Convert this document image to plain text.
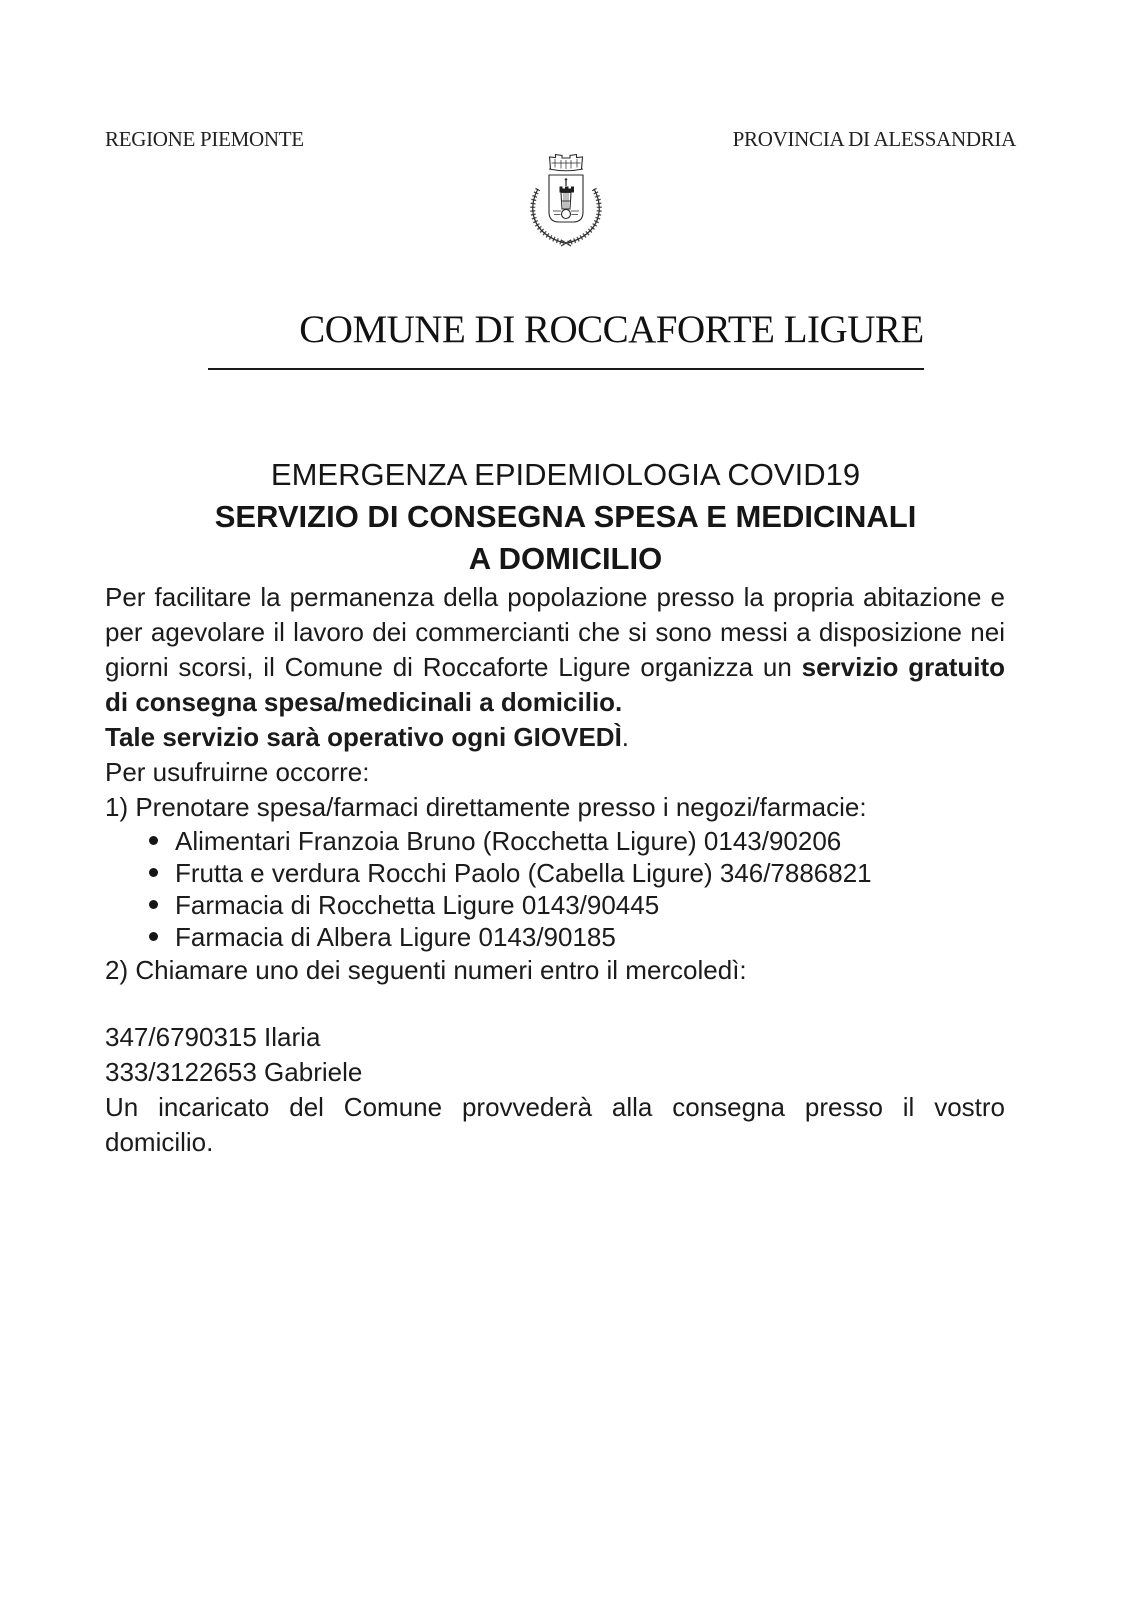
REGIONE PIEMONTE	PROVINCIA DI ALESSANDRIA
COMUNE DI ROCCAFORTE LIGURE
EMERGENZA EPIDEMIOLOGIA COVID19
SERVIZIO DI CONSEGNA SPESA E MEDICINALI
A DOMICILIO

Per facilitare la permanenza della popolazione presso la propria abitazione e per agevolare il lavoro dei commercianti che si sono messi a disposizione nei giorni scorsi, il Comune di Roccaforte Ligure organizza un servizio gratuito di consegna spesa/medicinali a domicilio.

Tale servizio sarà operativo ogni GIOVEDÌ.

Per usufruirne occorre:

1) Prenotare spesa/farmaci direttamente presso i negozi/farmacie:

Alimentari Franzoia Bruno (Rocchetta Ligure) 0143/90206
Frutta e verdura Rocchi Paolo (Cabella Ligure) 346/7886821
Farmacia di Rocchetta Ligure 0143/90445
Farmacia di Albera Ligure 0143/90185

2) Chiamare uno dei seguenti numeri entro il mercoledì:

347/6790315 Ilaria
333/3122653 Gabriele

Un incaricato del Comune provvederà alla consegna presso il vostro domicilio.
